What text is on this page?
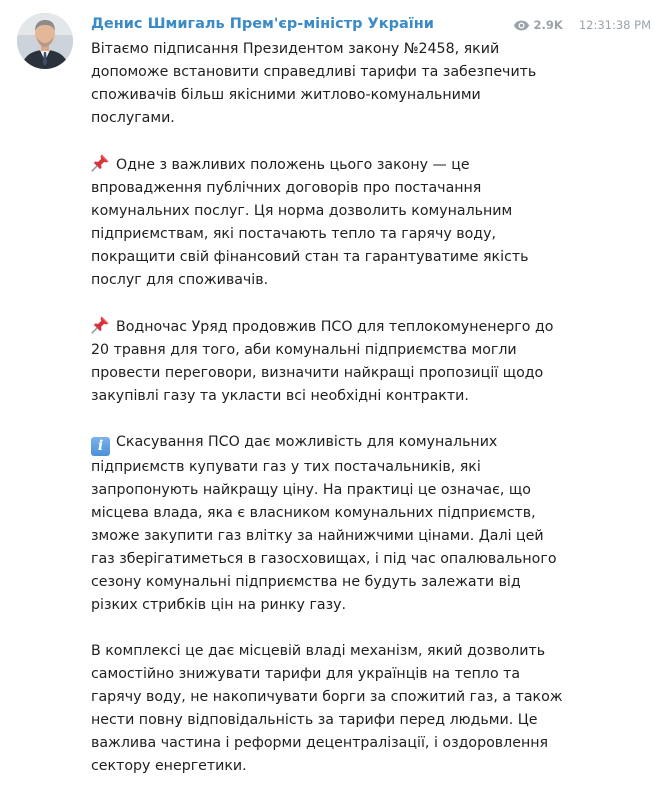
Денис Шмигаль Прем'єр-міністр України	2.9K 12:31:38 PM
Вітаємо підписання Президентом закону №2458, який
допоможе встановити справедливі тарифи та забезпечить
споживачів більш якісними житлово-комунальними
послугами.
Одне з важливих положень цього закону — це
впровадження публічних договорів про постачання
комунальних послуг. Ця норма дозволить комунальним
підприємствам, які постачають тепло та гарячу воду,
покращити свій фінансовий стан та гарантуватиме якість
послуг для споживачів.
Водночас Уряд продовжив ПСО для теплокомуненерго до
20 травня для того, аби комунальні підприємства могли
провести переговори, визначити найкращі пропозиції щодо
закупівлі газу та укласти всі необхідні контракти.
i Скасування ПСО дає можливість для комунальних
підприємств купувати газ у тих постачальників, які
запропонують найкращу ціну. На практиці це означає, що
місцева влада, яка є власником комунальних підприємств,
зможе закупити газ влітку за найнижчими цінами. Далі цей
газ зберігатиметься в газосховищах, і під час опалювального
сезону комунальні підприємства не будуть залежати від
різких стрибків цін на ринку газу.
В комплексі це дає місцевій владі механізм, який дозволить
самостійно знижувати тарифи для українців на тепло та
гарячу воду, не накопичувати борги за спожитий газ, а також
нести повну відповідальність за тарифи перед людьми. Це
важлива частина і реформи децентралізації, і оздоровлення
сектору енергетики.
